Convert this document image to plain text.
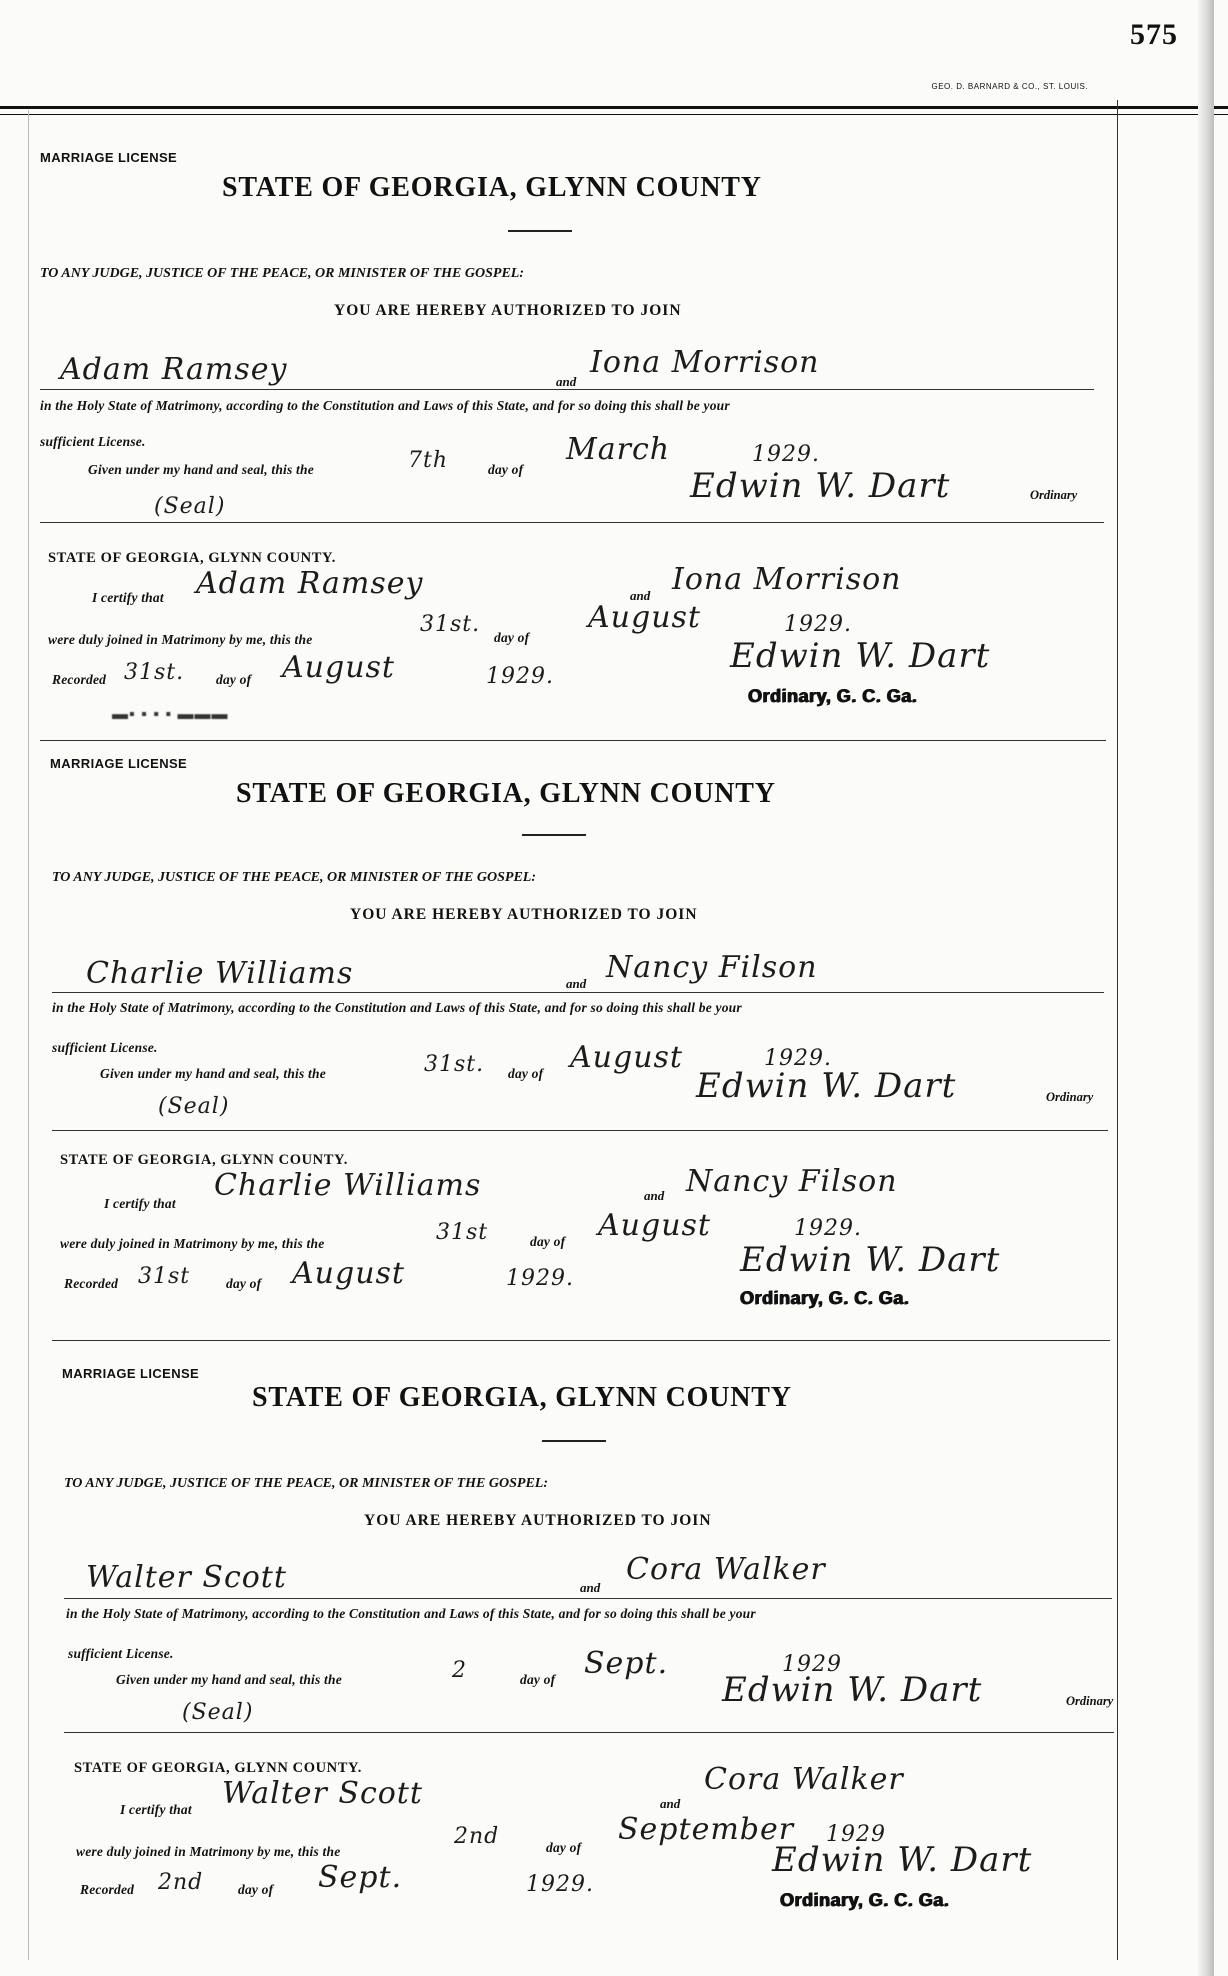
575
GEO. D. BARNARD & CO., ST. LOUIS.
MARRIAGE LICENSE
STATE OF GEORGIA, GLYNN COUNTY
TO ANY JUDGE, JUSTICE OF THE PEACE, OR MINISTER OF THE GOSPEL:
YOU ARE HEREBY AUTHORIZED TO JOIN
Adam Ramsey	and
Iona Morrison
in the Holy State of Matrimony, according to the Constitution and Laws of this State, and for so doing this shall be your
sufficient License.
Given under my hand and seal, this the	7th	day of
March	1929.
(Seal)
Edwin W. Dart	Ordinary
STATE OF GEORGIA, GLYNN COUNTY.
I certify that Adam Ramsey	and Iona Morrison
were duly joined in Matrimony by me, this the
31st.
day of
August	1929.
Recorded 31st. day of August	1929.
Edwin W. Dart
Ordinary, G. C. Ga.
▬▪ ▪ ▪ ▪ ▬▬▬
MARRIAGE LICENSE
STATE OF GEORGIA, GLYNN COUNTY
TO ANY JUDGE, JUSTICE OF THE PEACE, OR MINISTER OF THE GOSPEL:
YOU ARE HEREBY AUTHORIZED TO JOIN
Charlie Williams	and Nancy Filson
in the Holy State of Matrimony, according to the Constitution and Laws of this State, and for so doing this shall be your
sufficient License.
Given under my hand and seal, this the	31st. day of August	1929.
(Seal)
Edwin W. Dart	Ordinary
STATE OF GEORGIA, GLYNN COUNTY.
I certify that
Charlie Williams	and Nancy Filson
were duly joined in Matrimony by me, this the	31st	day of August	1929.
Recorded 31st	day of August	1929.	Edwin W. Dart
Ordinary, G. C. Ga.
MARRIAGE LICENSE
STATE OF GEORGIA, GLYNN COUNTY
TO ANY JUDGE, JUSTICE OF THE PEACE, OR MINISTER OF THE GOSPEL:
YOU ARE HEREBY AUTHORIZED TO JOIN
Walter Scott	and
Cora Walker
in the Holy State of Matrimony, according to the Constitution and Laws of this State, and for so doing this shall be your
sufficient License.
Given under my hand and seal, this the	2	day of Sept.	1929
(Seal)
Edwin W. Dart	Ordinary
STATE OF GEORGIA, GLYNN COUNTY.
I certify that Walter Scott	and
Cora Walker
were duly joined in Matrimony by me, this the
2nd	day of
September 1929
Recorded 2nd	day of Sept.	1929.
Edwin W. Dart
Ordinary, G. C. Ga.
